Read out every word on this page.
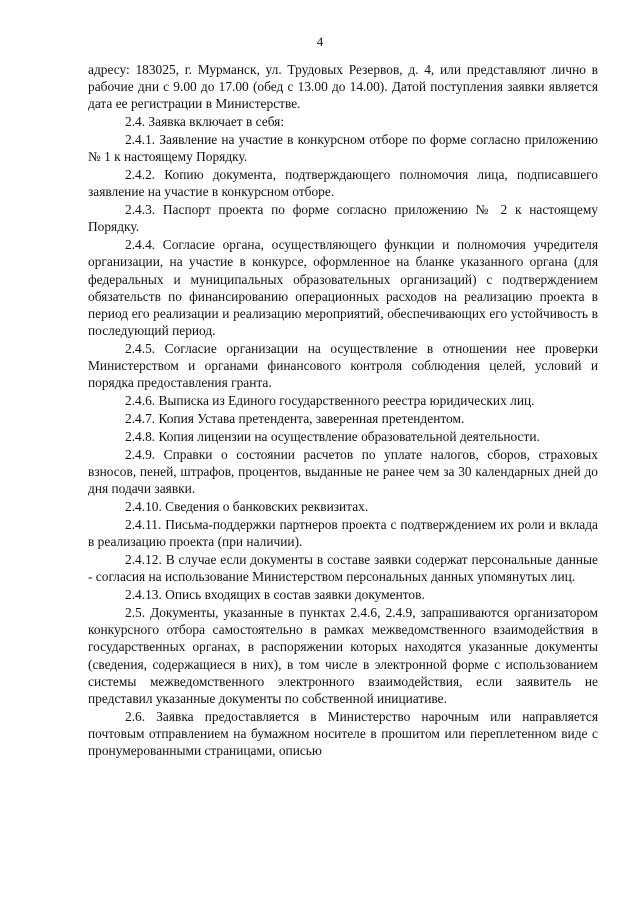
4

адресу: 183025, г. Мурманск, ул. Трудовых Резервов, д. 4, или представляют лично в рабочие дни с 9.00 до 17.00 (обед с 13.00 до 14.00). Датой поступления заявки является дата ее регистрации в Министерстве.

2.4. Заявка включает в себя:

2.4.1. Заявление на участие в конкурсном отборе по форме согласно приложению № 1 к настоящему Порядку.

2.4.2. Копию документа, подтверждающего полномочия лица, подписавшего заявление на участие в конкурсном отборе.

2.4.3. Паспорт проекта по форме согласно приложению № 2 к настоящему Порядку.

2.4.4. Согласие органа, осуществляющего функции и полномочия учредителя организации, на участие в конкурсе, оформленное на бланке указанного органа (для федеральных и муниципальных образовательных организаций) с подтверждением обязательств по финансированию операционных расходов на реализацию проекта в период его реализации и реализацию мероприятий, обеспечивающих его устойчивость в последующий период.

2.4.5. Согласие организации на осуществление в отношении нее проверки Министерством и органами финансового контроля соблюдения целей, условий и порядка предоставления гранта.

2.4.6. Выписка из Единого государственного реестра юридических лиц.

2.4.7. Копия Устава претендента, заверенная претендентом.

2.4.8. Копия лицензии на осуществление образовательной деятельности.

2.4.9. Справки о состоянии расчетов по уплате налогов, сборов, страховых взносов, пеней, штрафов, процентов, выданные не ранее чем за 30 календарных дней до дня подачи заявки.

2.4.10. Сведения о банковских реквизитах.

2.4.11. Письма-поддержки партнеров проекта с подтверждением их роли и вклада в реализацию проекта (при наличии).

2.4.12. В случае если документы в составе заявки содержат персональные данные - согласия на использование Министерством персональных данных упомянутых лиц.

2.4.13. Опись входящих в состав заявки документов.

2.5. Документы, указанные в пунктах 2.4.6, 2.4.9, запрашиваются организатором конкурсного отбора самостоятельно в рамках межведомственного взаимодействия в государственных органах, в распоряжении которых находятся указанные документы (сведения, содержащиеся в них), в том числе в электронной форме с использованием системы межведомственного электронного взаимодействия, если заявитель не представил указанные документы по собственной инициативе.

2.6. Заявка предоставляется в Министерство нарочным или направляется почтовым отправлением на бумажном носителе в прошитом или переплетенном виде с пронумерованными страницами, описью
